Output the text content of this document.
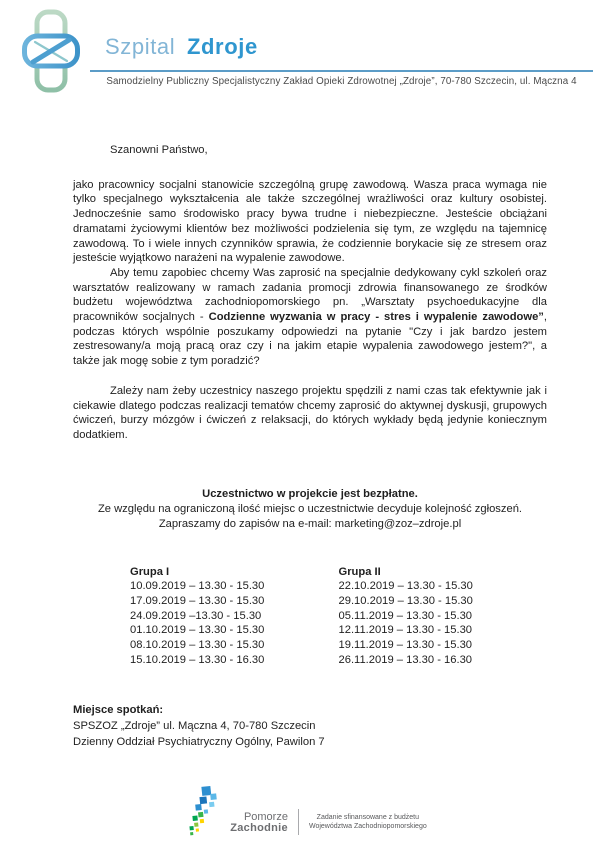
Szpital Zdroje
Samodzielny Publiczny Specjalistyczny Zakład Opieki Zdrowotnej „Zdroje”, 70-780 Szczecin, ul. Mączna 4

Szanowni Państwo,

jako pracownicy socjalni stanowicie szczególną grupę zawodową. Wasza praca wymaga nie tylko specjalnego wykształcenia ale także szczególnej wrażliwości oraz kultury osobistej. Jednocześnie samo środowisko pracy bywa trudne i niebezpieczne. Jesteście obciążani dramatami życiowymi klientów bez możliwości podzielenia się tym, ze względu na tajemnicę zawodową. To i wiele innych czynników sprawia, że codziennie borykacie się ze stresem oraz jesteście wyjątkowo narażeni na wypalenie zawodowe.

Aby temu zapobiec chcemy Was zaprosić na specjalnie dedykowany cykl szkoleń oraz warsztatów realizowany w ramach zadania promocji zdrowia finansowanego ze środków budżetu województwa zachodniopomorskiego pn. „Warsztaty psychoedukacyjne dla pracowników socjalnych - Codzienne wyzwania w pracy - stres i wypalenie zawodowe”, podczas których wspólnie poszukamy odpowiedzi na pytanie "Czy i jak bardzo jestem zestresowany/a moją pracą oraz czy i na jakim etapie wypalenia zawodowego jestem?", a także jak mogę sobie z tym poradzić?

Zależy nam żeby uczestnicy naszego projektu spędzili z nami czas tak efektywnie jak i ciekawie dlatego podczas realizacji tematów chcemy zaprosić do aktywnej dyskusji, grupowych ćwiczeń, burzy mózgów i ćwiczeń z relaksacji, do których wykłady będą jedynie koniecznym dodatkiem.

Uczestnictwo w projekcie jest bezpłatne.

Ze względu na ograniczoną ilość miejsc o uczestnictwie decyduje kolejność zgłoszeń.

Zapraszamy do zapisów na e-mail: marketing@zoz–zdroje.pl

Grupa I

10.09.2019 – 13.30 - 15.30

17.09.2019 – 13.30 - 15.30

24.09.2019 –13.30 - 15.30

01.10.2019 – 13.30 - 15.30

08.10.2019 – 13.30 - 15.30

15.10.2019 – 13.30 - 16.30

Grupa II

22.10.2019 – 13.30 - 15.30

29.10.2019 – 13.30 - 15.30

05.11.2019 – 13.30 - 15.30

12.11.2019 – 13.30 - 15.30

19.11.2019 – 13.30 - 15.30

26.11.2019 – 13.30 - 16.30

Miejsce spotkań:

SPSZOZ „Zdroje” ul. Mączna 4, 70-780 Szczecin

Dzienny Oddział Psychiatryczny Ogólny, Pawilon 7

Pomorze
Zachodnie
Zadanie sfinansowane z budżetu
Województwa Zachodniopomorskiego
